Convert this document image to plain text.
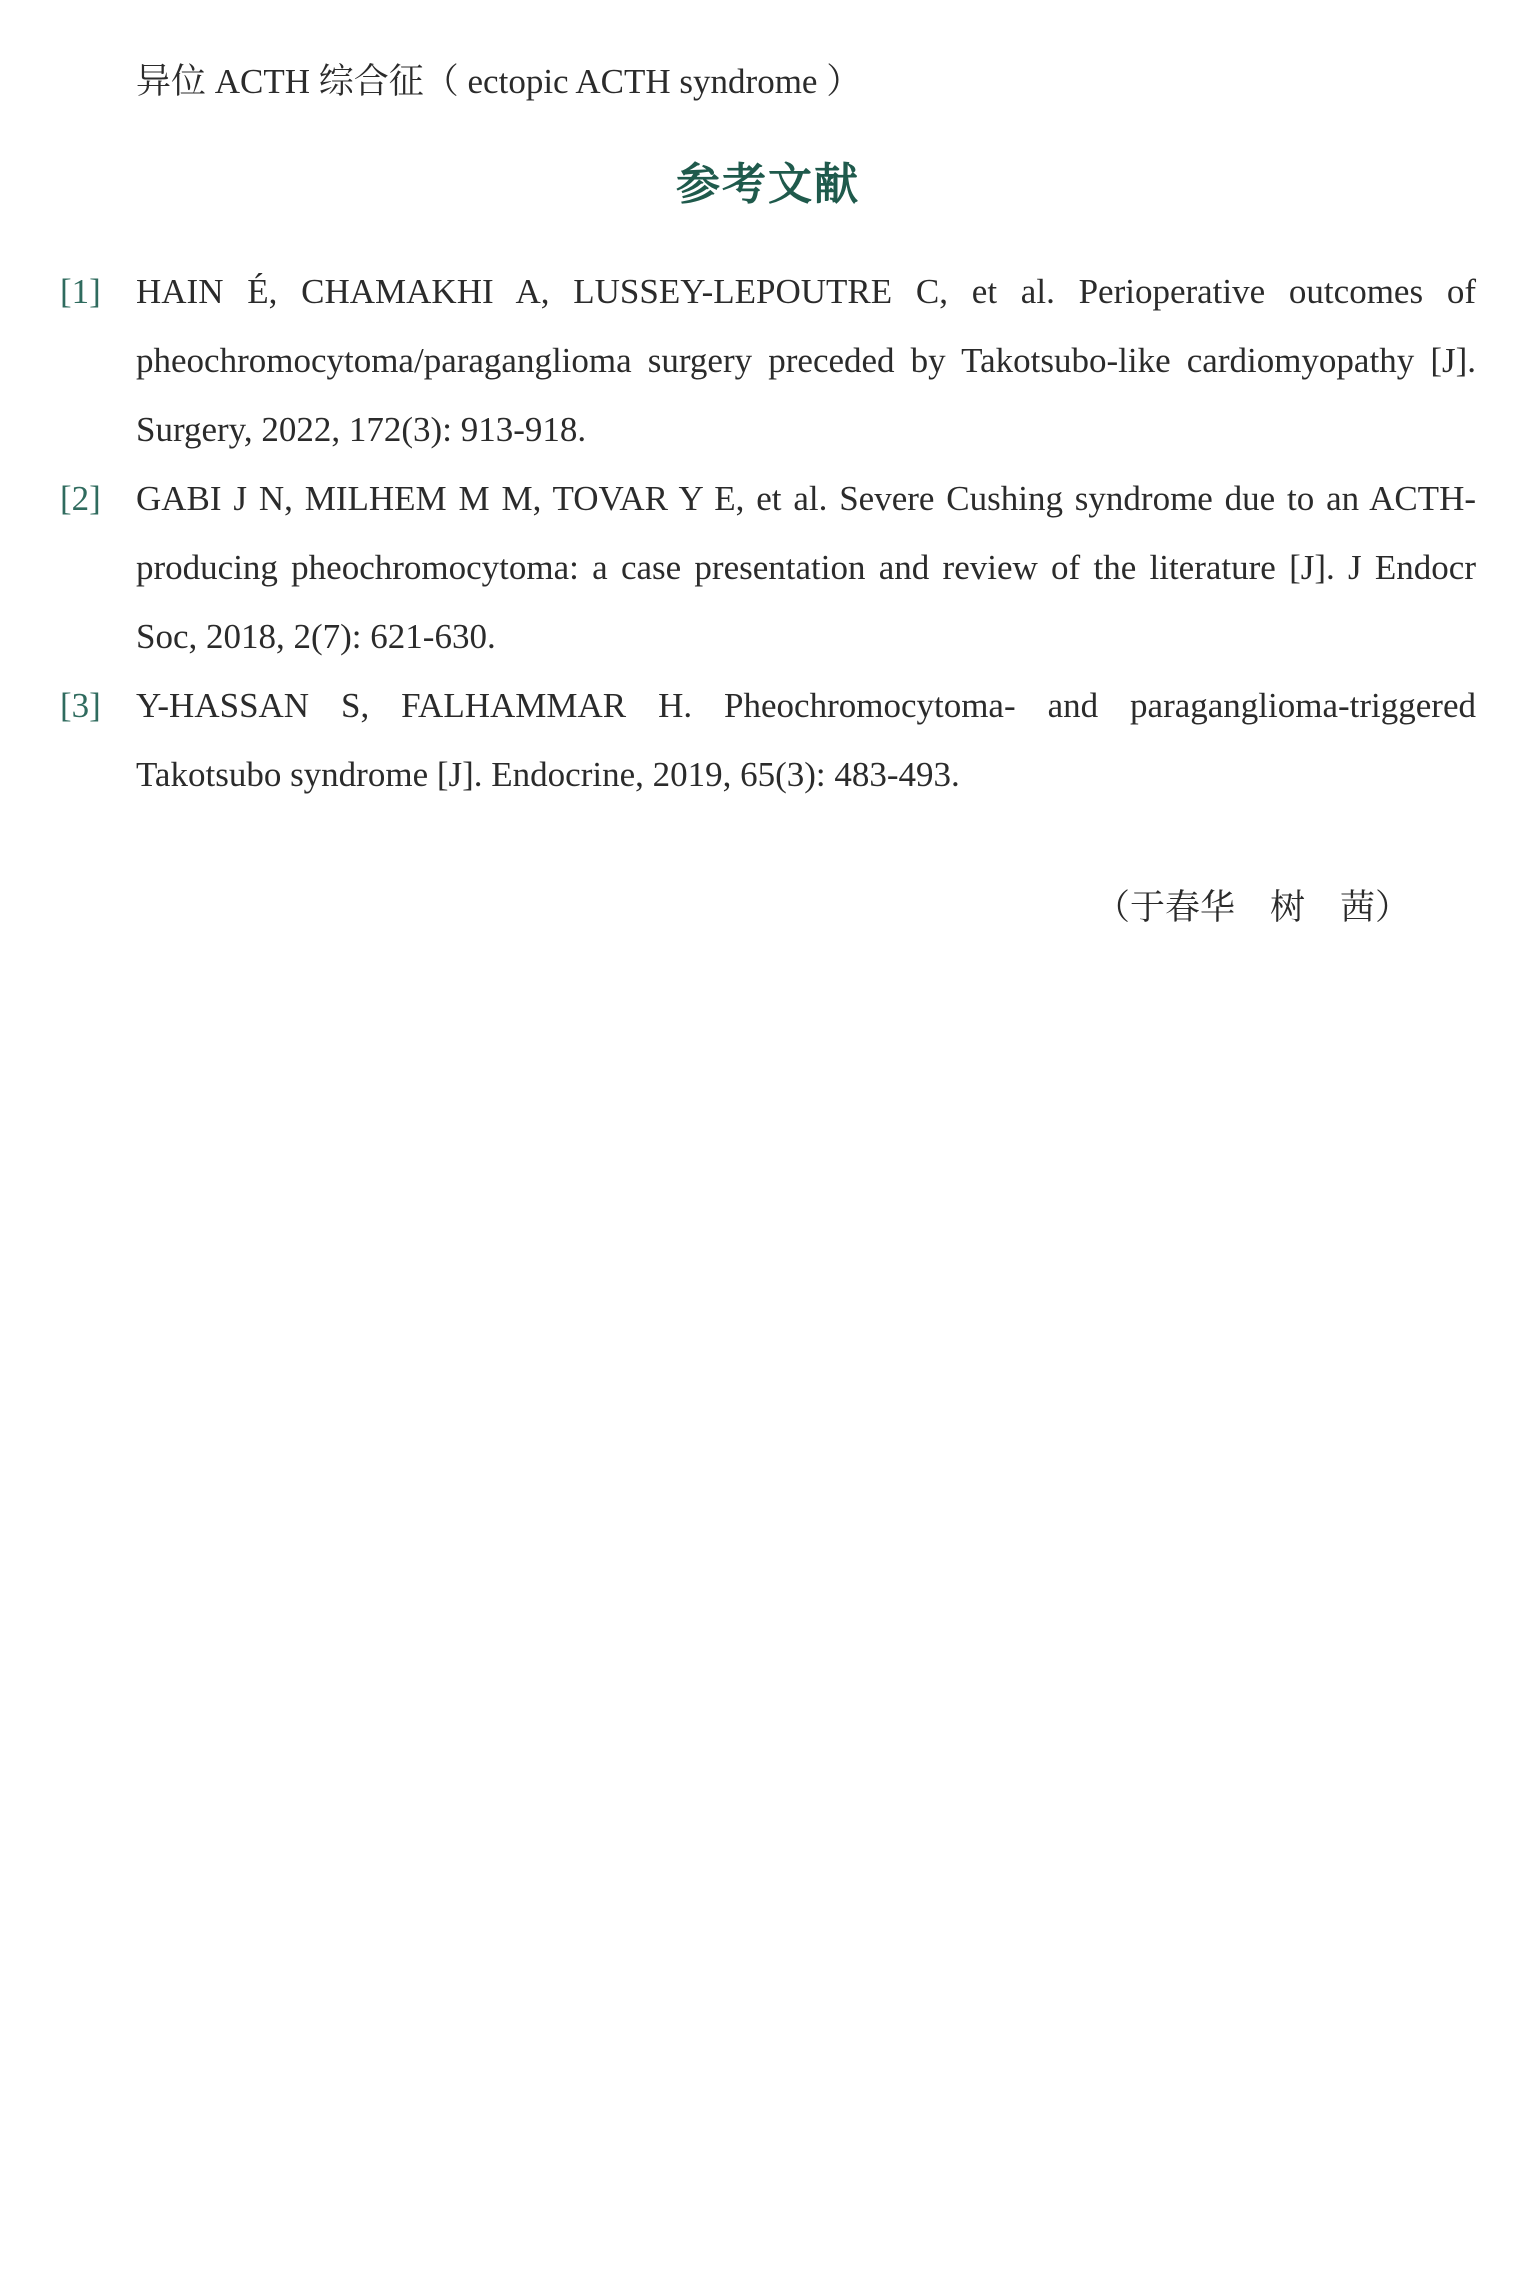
异位 ACTH 综合征（ ectopic ACTH syndrome ）
参考文献
[1] HAIN É, CHAMAKHI A, LUSSEY-LEPOUTRE C, et al. Perioperative outcomes of pheochromocytoma/paraganglioma surgery preceded by Takotsubo-like cardiomyopathy [J]. Surgery, 2022, 172(3): 913-918.
[2] GABI J N, MILHEM M M, TOVAR Y E, et al. Severe Cushing syndrome due to an ACTH-producing pheochromocytoma: a case presentation and review of the literature [J]. J Endocr Soc, 2018, 2(7): 621-630.
[3] Y-HASSAN S, FALHAMMAR H. Pheochromocytoma- and paraganglioma-triggered Takotsubo syndrome [J]. Endocrine, 2019, 65(3): 483-493.
（于春华　树　茜）
